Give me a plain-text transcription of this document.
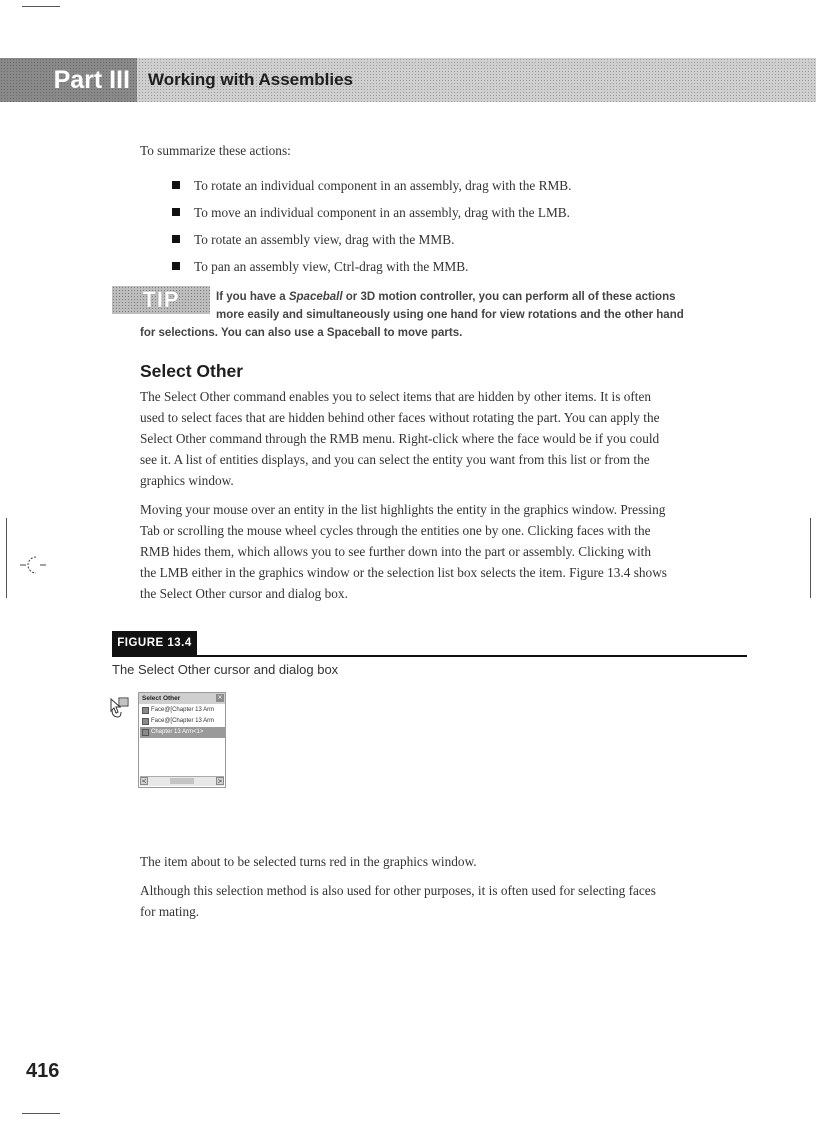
Part III Working with Assemblies
To summarize these actions:
To rotate an individual component in an assembly, drag with the RMB.
To move an individual component in an assembly, drag with the LMB.
To rotate an assembly view, drag with the MMB.
To pan an assembly view, Ctrl-drag with the MMB.
TIP	If you have a Spaceball or 3D motion controller, you can perform all of these actions
more easily and simultaneously using one hand for view rotations and the other hand
for selections. You can also use a Spaceball to move parts.
Select Other
The Select Other command enables you to select items that are hidden by other items. It is often
used to select faces that are hidden behind other faces without rotating the part. You can apply the
Select Other command through the RMB menu. Right-click where the face would be if you could
see it. A list of entities displays, and you can select the entity you want from this list or from the
graphics window.
Moving your mouse over an entity in the list highlights the entity in the graphics window. Pressing
Tab or scrolling the mouse wheel cycles through the entities one by one. Clicking faces with the
RMB hides them, which allows you to see further down into the part or assembly. Clicking with
the LMB either in the graphics window or the selection list box selects the item. Figure 13.4 shows
the Select Other cursor and dialog box.
FIGURE 13.4
The Select Other cursor and dialog box
Select Other	×
Face@[Chapter 13 Arm
Face@[Chapter 13 Arm
Chapter 13 Arm<1>
<	>
The item about to be selected turns red in the graphics window.
Although this selection method is also used for other purposes, it is often used for selecting faces
for mating.
416
